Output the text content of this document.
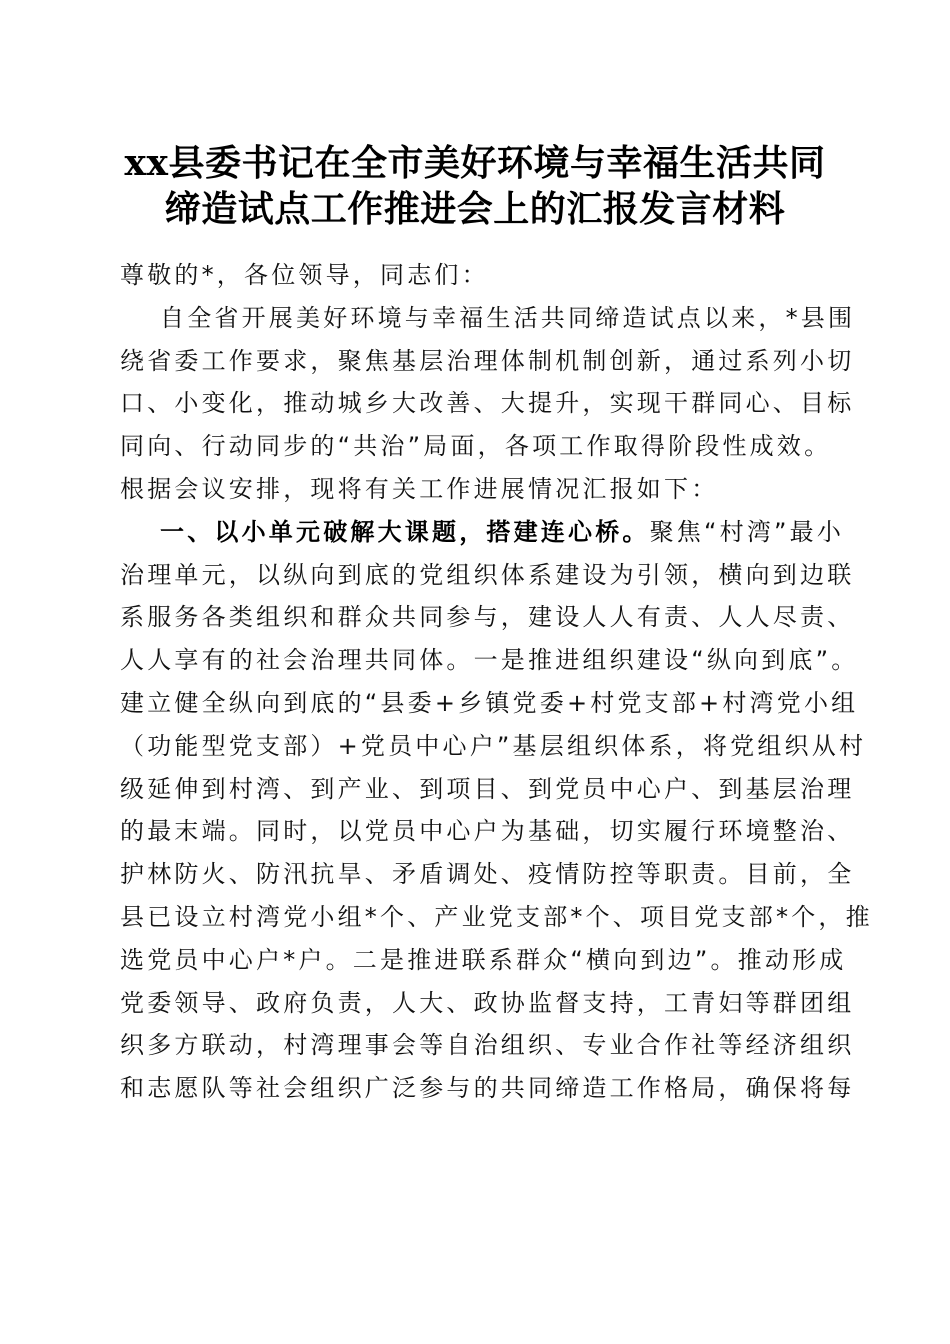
xx县委书记在全市美好环境与幸福生活共同
缔造试点工作推进会上的汇报发言材料
尊敬的*，各位领导，同志们：
自全省开展美好环境与幸福生活共同缔造试点以来，*县围
绕省委工作要求，聚焦基层治理体制机制创新，通过系列小切
口、小变化，推动城乡大改善、大提升，实现干群同心、目标
同向、行动同步的“共治”局面，各项工作取得阶段性成效。
根据会议安排，现将有关工作进展情况汇报如下：
一、以小单元破解大课题，搭建连心桥。聚焦“村湾”最小
治理单元，以纵向到底的党组织体系建设为引领，横向到边联
系服务各类组织和群众共同参与，建设人人有责、人人尽责、
人人享有的社会治理共同体。一是推进组织建设“纵向到底”。
建立健全纵向到底的“县委+乡镇党委+村党支部+村湾党小组
（功能型党支部）+党员中心户”基层组织体系，将党组织从村
级延伸到村湾、到产业、到项目、到党员中心户、到基层治理
的最末端。同时，以党员中心户为基础，切实履行环境整治、
护林防火、防汛抗旱、矛盾调处、疫情防控等职责。目前，全
县已设立村湾党小组*个、产业党支部*个、项目党支部*个，推
选党员中心户*户。二是推进联系群众“横向到边”。推动形成
党委领导、政府负责，人大、政协监督支持，工青妇等群团组
织多方联动，村湾理事会等自治组织、专业合作社等经济组织
和志愿队等社会组织广泛参与的共同缔造工作格局，确保将每
